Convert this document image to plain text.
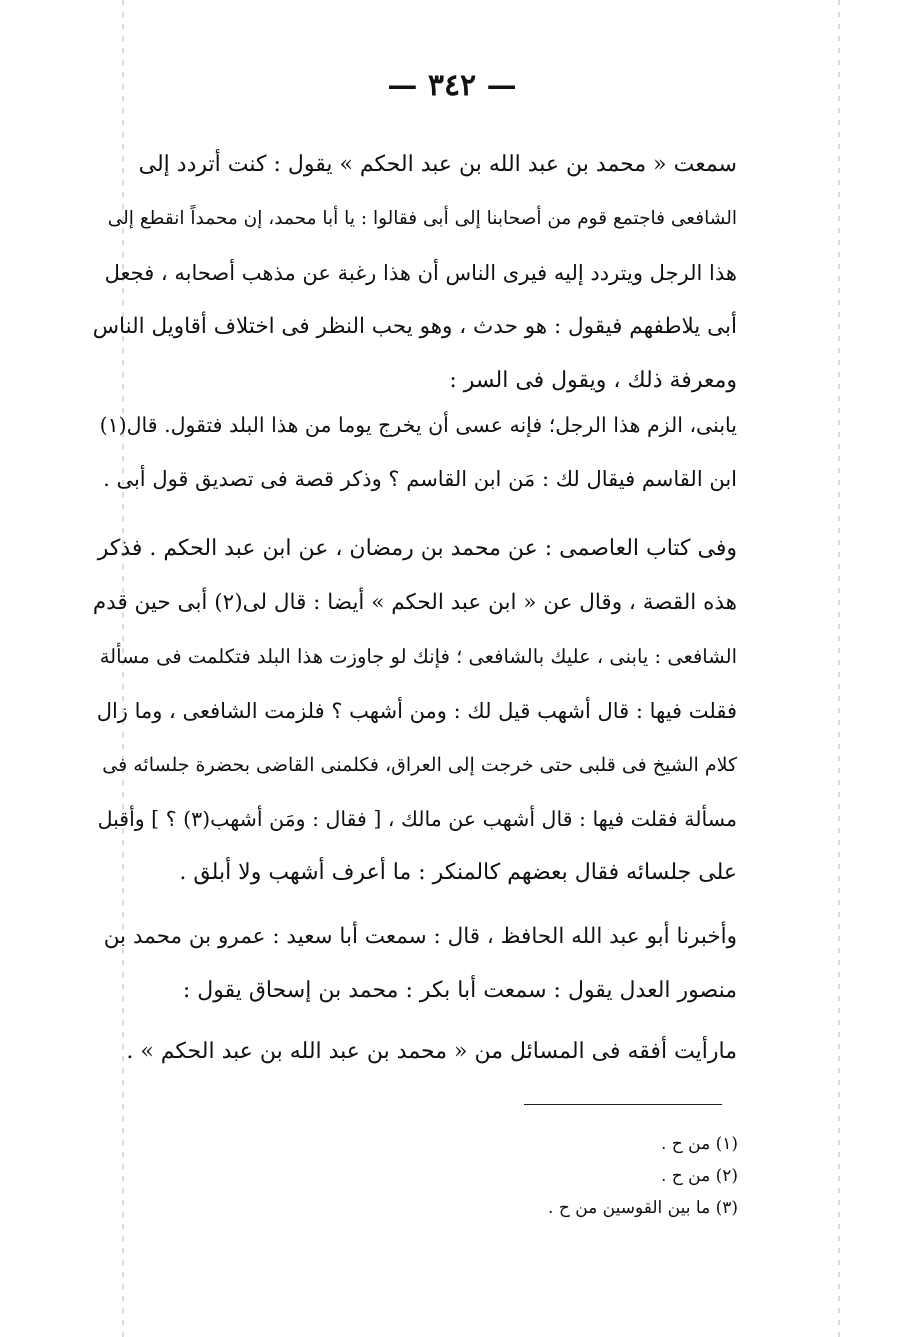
— ٣٤٢ —

سمعت « محمد بن عبد الله بن عبد الحكم » يقول : كنت أتردد إلى
الشافعى فاجتمع قوم من أصحابنا إلى أبى فقالوا : يا أبا محمد، إن محمداً انقطع إلى
هذا الرجل ويتردد إليه فيرى الناس أن هذا رغبة عن مذهب أصحابه ، فجعل
أبى يلاطفهم فيقول : هو حدث ، وهو يحب النظر فى اختلاف أقاويل الناس
ومعرفة ذلك ، ويقول فى السر :

يابنى، الزم هذا الرجل؛ فإنه عسى أن يخرج يوما من هذا البلد فتقول. قال(١)
ابن القاسم فيقال لك : مَن ابن القاسم ؟ وذكر قصة فى تصديق قول أبى .

وفى كتاب العاصمى : عن محمد بن رمضان ، عن ابن عبد الحكم . فذكر
هذه القصة ، وقال عن « ابن عبد الحكم » أيضا : قال لى(٢) أبى حين قدم
الشافعى : يابنى ، عليك بالشافعى ؛ فإنك لو جاوزت هذا البلد فتكلمت فى مسألة
فقلت فيها : قال أشهب قيل لك : ومن أشهب ؟ فلزمت الشافعى ، وما زال
كلام الشيخ فى قلبى حتى خرجت إلى العراق، فكلمنى القاضى بحضرة جلسائه فى
مسألة فقلت فيها : قال أشهب عن مالك ، [ فقال : ومَن أشهب(٣) ؟ ] وأقبل
على جلسائه فقال بعضهم كالمنكر : ما أعرف أشهب ولا أبلق .

وأخبرنا أبو عبد الله الحافظ ، قال : سمعت أبا سعيد : عمرو بن محمد بن
منصور العدل يقول : سمعت أبا بكر : محمد بن إسحاق يقول :

مارأيت أفقه فى المسائل من « محمد بن عبد الله بن عبد الحكم » .

(١) من ح .
(٢) من ح .
(٣) ما بين القوسين من ح .
